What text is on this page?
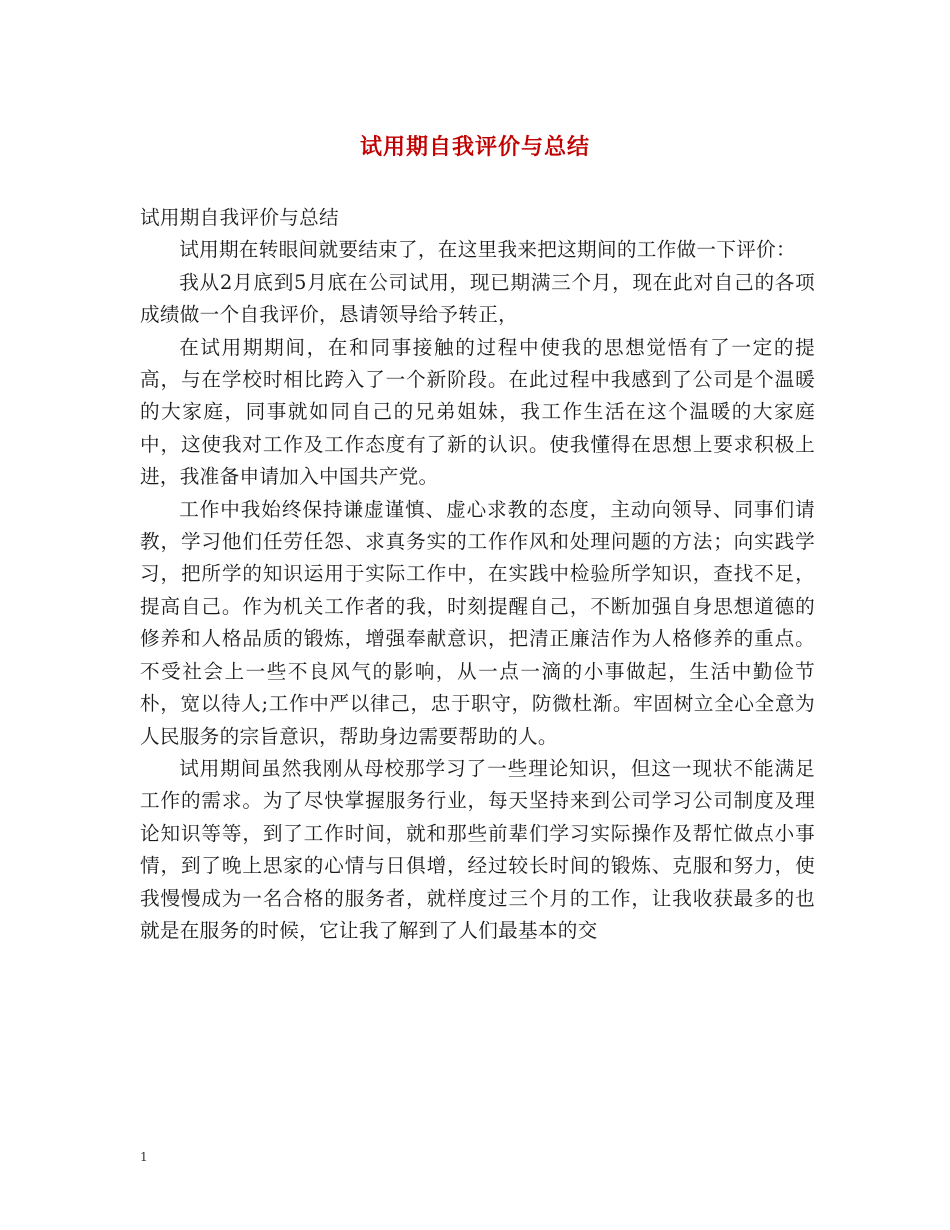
试用期自我评价与总结

试用期自我评价与总结

试用期在转眼间就要结束了，在这里我来把这期间的工作做一下评价：

我从2月底到5月底在公司试用，现已期满三个月，现在此对自己的各项成绩做一个自我评价，恳请领导给予转正，

在试用期期间，在和同事接触的过程中使我的思想觉悟有了一定的提高，与在学校时相比跨入了一个新阶段。在此过程中我感到了公司是个温暖的大家庭，同事就如同自己的兄弟姐妹，我工作生活在这个温暖的大家庭中，这使我对工作及工作态度有了新的认识。使我懂得在思想上要求积极上进，我准备申请加入中国共产党。

工作中我始终保持谦虚谨慎、虚心求教的态度，主动向领导、同事们请教，学习他们任劳任怨、求真务实的工作作风和处理问题的方法；向实践学习，把所学的知识运用于实际工作中，在实践中检验所学知识，查找不足，提高自己。作为机关工作者的我，时刻提醒自己，不断加强自身思想道德的修养和人格品质的锻炼，增强奉献意识，把清正廉洁作为人格修养的重点。不受社会上一些不良风气的影响，从一点一滴的小事做起，生活中勤俭节朴，宽以待人;工作中严以律己，忠于职守，防微杜渐。牢固树立全心全意为人民服务的宗旨意识，帮助身边需要帮助的人。

试用期间虽然我刚从母校那学习了一些理论知识，但这一现状不能满足工作的需求。为了尽快掌握服务行业，每天坚持来到公司学习公司制度及理论知识等等，到了工作时间，就和那些前辈们学习实际操作及帮忙做点小事情，到了晚上思家的心情与日俱增，经过较长时间的锻炼、克服和努力，使我慢慢成为一名合格的服务者，就样度过三个月的工作，让我收获最多的也就是在服务的时候，它让我了解到了人们最基本的交

1
